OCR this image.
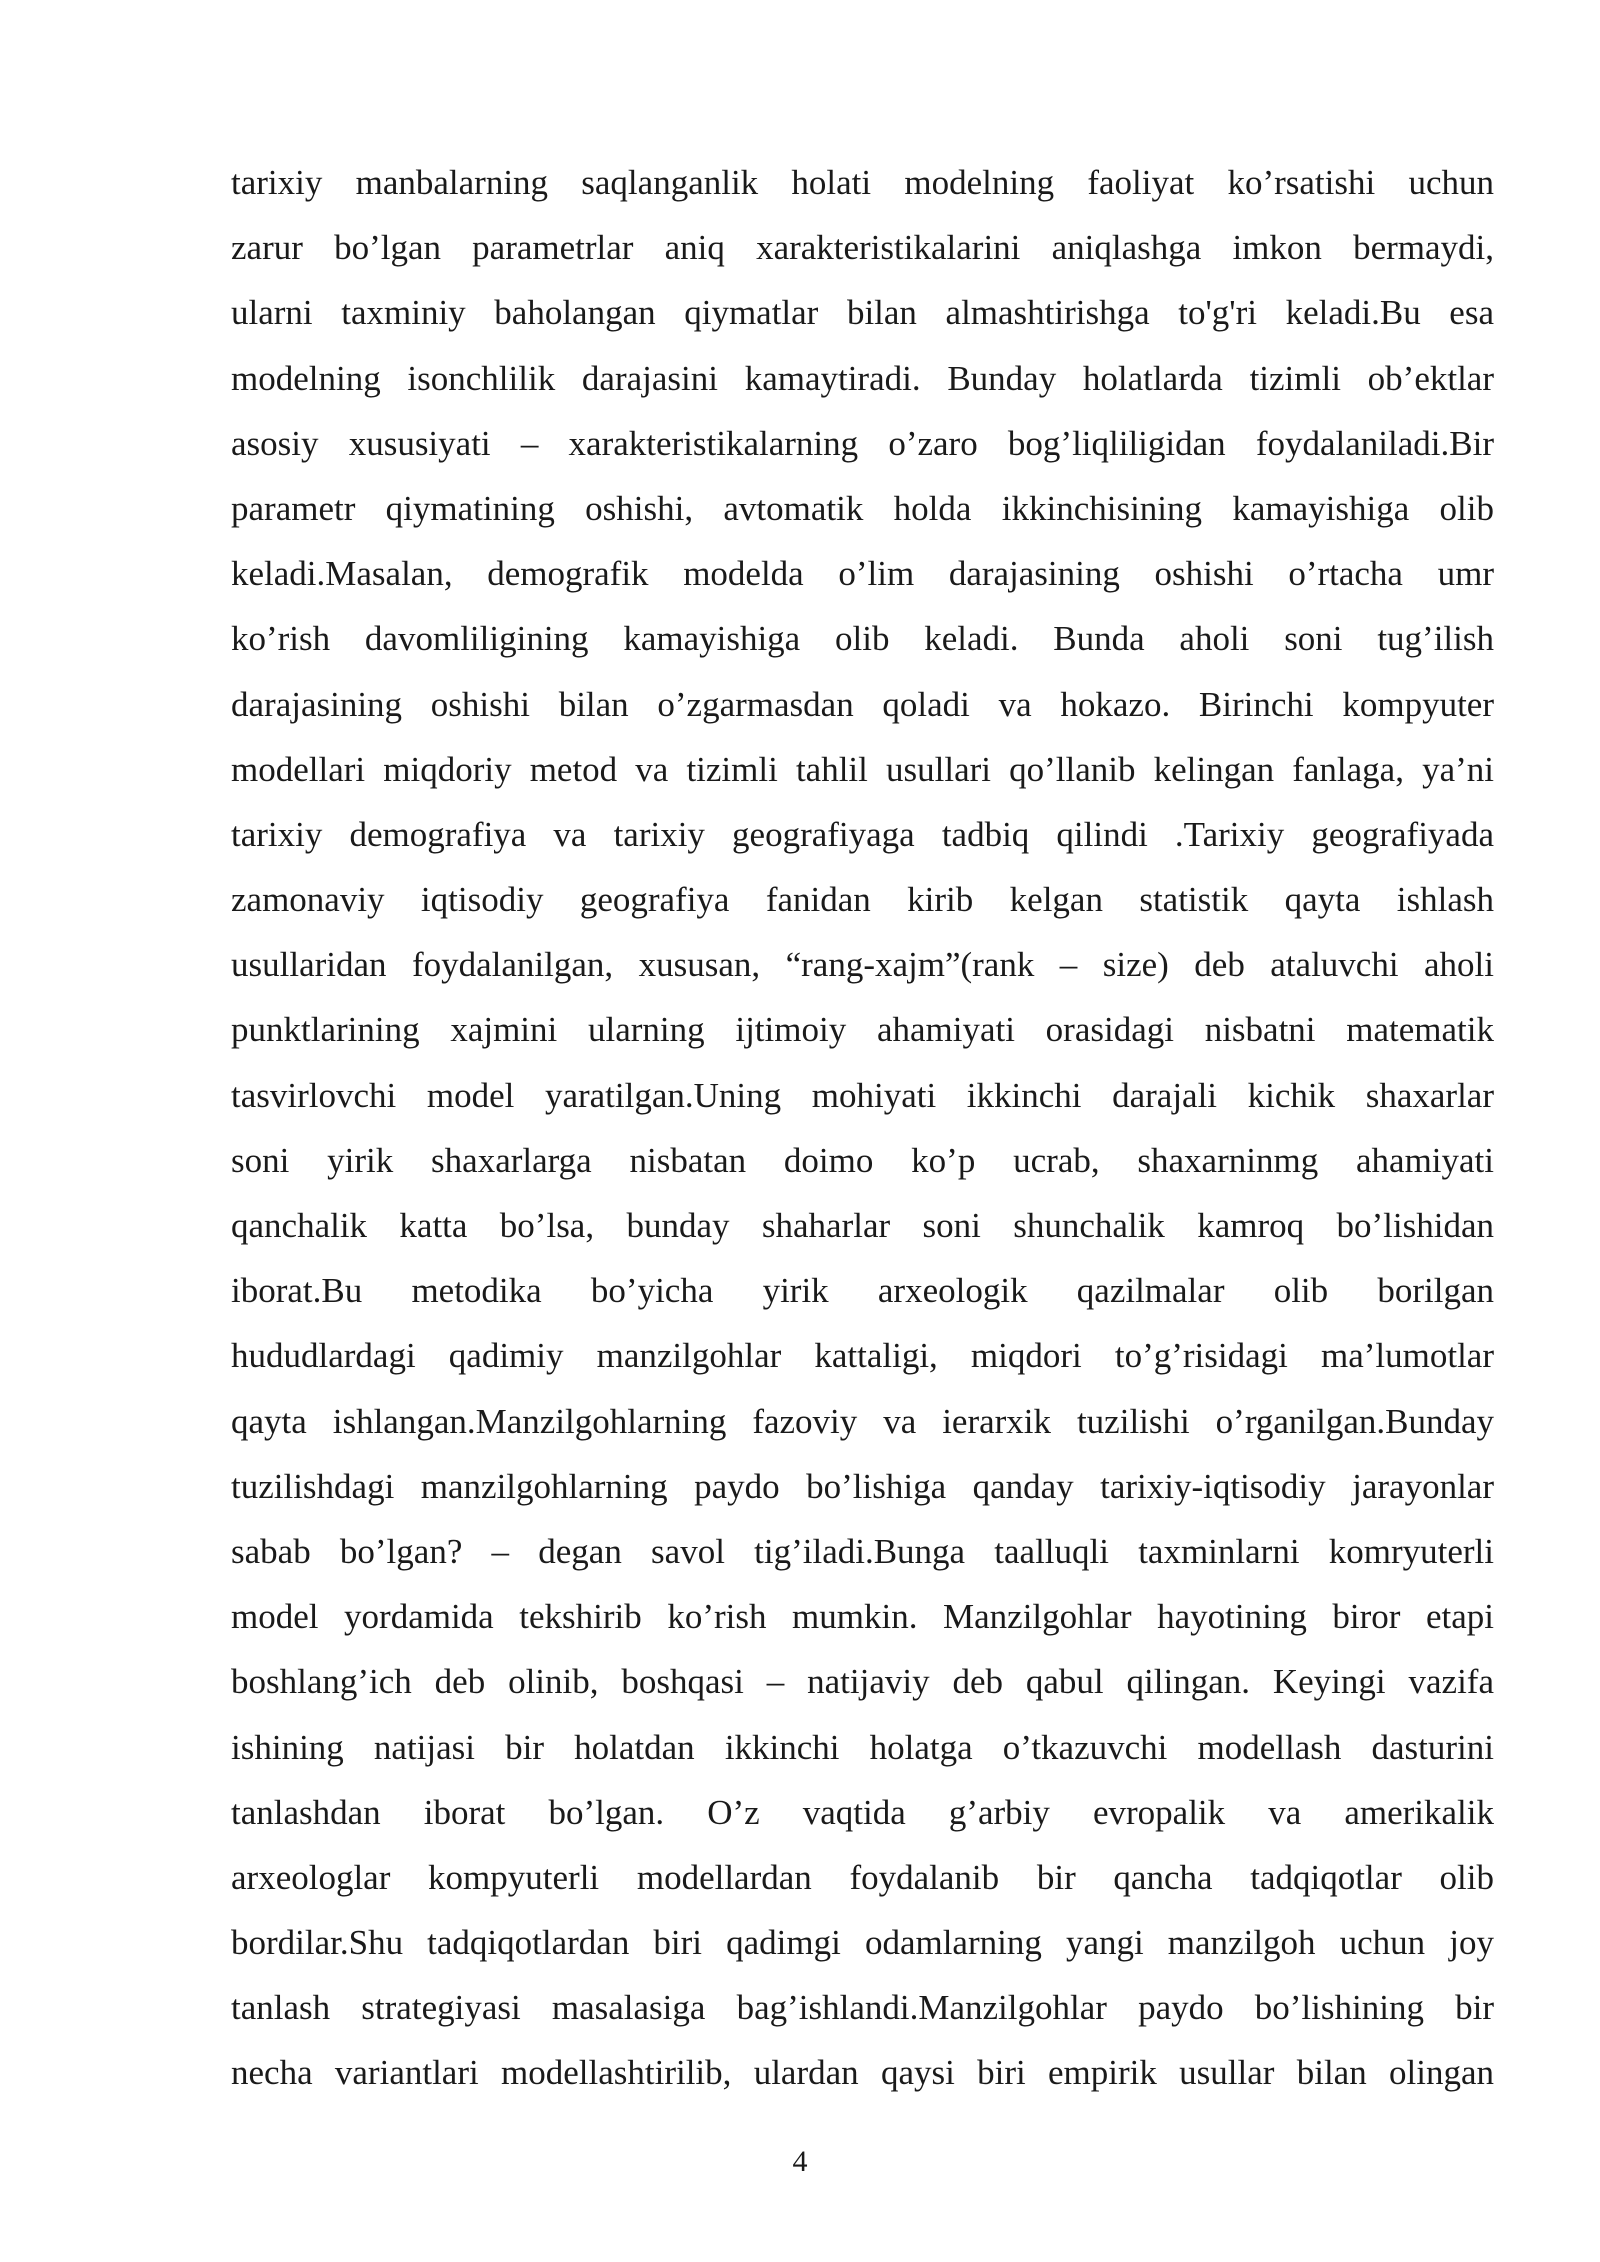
tarixiy manbalarning saqlanganlik holati modelning faoliyat ko’rsatishi uchun
zarur bo’lgan parametrlar aniq xarakteristikalarini aniqlashga imkon bermaydi,
ularni taxminiy baholangan qiymatlar bilan almashtirishga to'g'ri keladi.Bu esa
modelning isonchlilik darajasini kamaytiradi. Bunday holatlarda tizimli ob’ektlar
asosiy xususiyati – xarakteristikalarning o’zaro bog’liqliligidan foydalaniladi.Bir
parametr qiymatining oshishi, avtomatik holda ikkinchisining kamayishiga olib
keladi.Masalan, demografik modelda o’lim darajasining oshishi o’rtacha umr
ko’rish davomliligining kamayishiga olib keladi. Bunda aholi soni tug’ilish
darajasining oshishi bilan o’zgarmasdan qoladi va hokazo. Birinchi kompyuter
modellari miqdoriy metod va tizimli tahlil usullari qo’llanib kelingan fanlaga, ya’ni
tarixiy demografiya va tarixiy geografiyaga tadbiq qilindi .Tarixiy geografiyada
zamonaviy iqtisodiy geografiya fanidan kirib kelgan statistik qayta ishlash
usullaridan foydalanilgan, xususan, “rang-xajm”(rank – size) deb ataluvchi aholi
punktlarining xajmini ularning ijtimoiy ahamiyati orasidagi nisbatni matematik
tasvirlovchi model yaratilgan.Uning mohiyati ikkinchi darajali kichik shaxarlar
soni yirik shaxarlarga nisbatan doimo ko’p ucrab, shaxarninmg ahamiyati
qanchalik katta bo’lsa, bunday shaharlar soni shunchalik kamroq bo’lishidan
iborat.Bu metodika bo’yicha yirik arxeologik qazilmalar olib borilgan
hududlardagi qadimiy manzilgohlar kattaligi, miqdori to’g’risidagi ma’lumotlar
qayta ishlangan.Manzilgohlarning fazoviy va ierarxik tuzilishi o’rganilgan.Bunday
tuzilishdagi manzilgohlarning paydo bo’lishiga qanday tarixiy-iqtisodiy jarayonlar
sabab bo’lgan? – degan savol tig’iladi.Bunga taalluqli taxminlarni komryuterli
model yordamida tekshirib ko’rish mumkin. Manzilgohlar hayotining biror etapi
boshlang’ich deb olinib, boshqasi – natijaviy deb qabul qilingan. Keyingi vazifa
ishining natijasi bir holatdan ikkinchi holatga o’tkazuvchi modellash dasturini
tanlashdan iborat bo’lgan. O’z vaqtida g’arbiy evropalik va amerikalik
arxeologlar kompyuterli modellardan foydalanib bir qancha tadqiqotlar olib
bordilar.Shu tadqiqotlardan biri qadimgi odamlarning yangi manzilgoh uchun joy
tanlash strategiyasi masalasiga bag’ishlandi.Manzilgohlar paydo bo’lishining bir
necha variantlari modellashtirilib, ulardan qaysi biri empirik usullar bilan olingan
4
